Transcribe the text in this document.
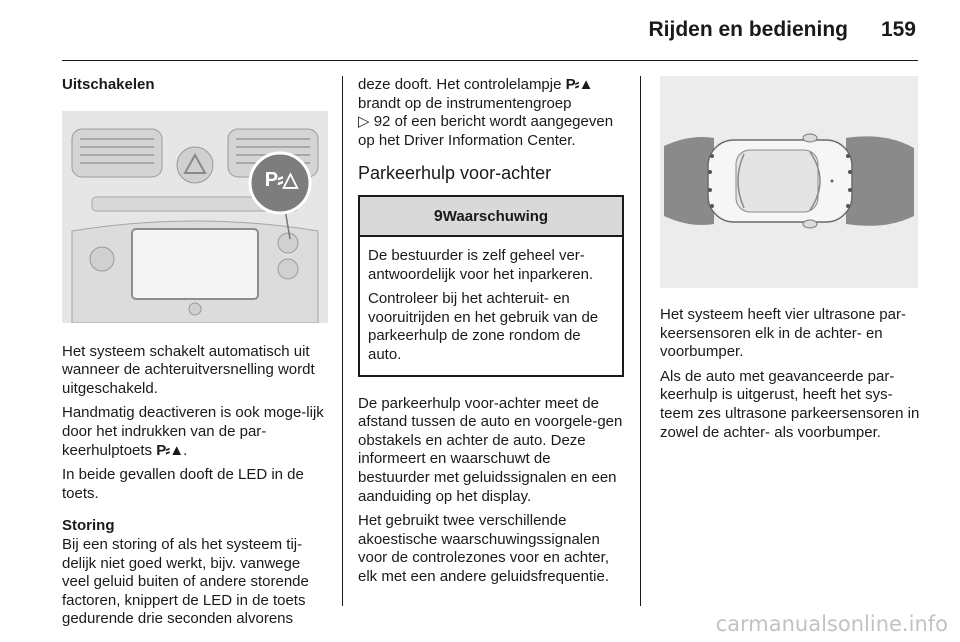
Rijden en bediening 159
Uitschakelen
P⸗△

Het systeem schakelt automatisch uit wanneer de achteruitversnelling wordt uitgeschakeld.

Handmatig deactiveren is ook moge-lijk door het indrukken van de par-keerhulptoets P⸗▲.

In beide gevallen dooft de LED in de toets.

Storing

Bij een storing of als het systeem tij-delijk niet goed werkt, bijv. vanwege veel geluid buiten of andere storende factoren, knippert de LED in de toets gedurende drie seconden alvorens

deze dooft. Het controlelampje P⸗▲
brandt op de instrumentengroep
▷ 92 of een bericht wordt aangegeven op het Driver Information Center.

Parkeerhulp voor-achter
9Waarschuwing

De bestuurder is zelf geheel ver-antwoordelijk voor het inparkeren.

Controleer bij het achteruit- en vooruitrijden en het gebruik van de parkeerhulp de zone rondom de auto.

De parkeerhulp voor-achter meet de afstand tussen de auto en voorgele-gen obstakels en achter de auto. Deze informeert en waarschuwt de bestuurder met geluidssignalen en een aanduiding op het display.

Het gebruikt twee verschillende akoestische waarschuwingssignalen voor de controlezones voor en achter, elk met een andere geluidsfrequentie.

Het systeem heeft vier ultrasone par-keersensoren elk in de achter- en voorbumper.

Als de auto met geavanceerde par-keerhulp is uitgerust, heeft het sys-teem zes ultrasone parkeersensoren in zowel de achter- als voorbumper.

carmanualsonline.info
